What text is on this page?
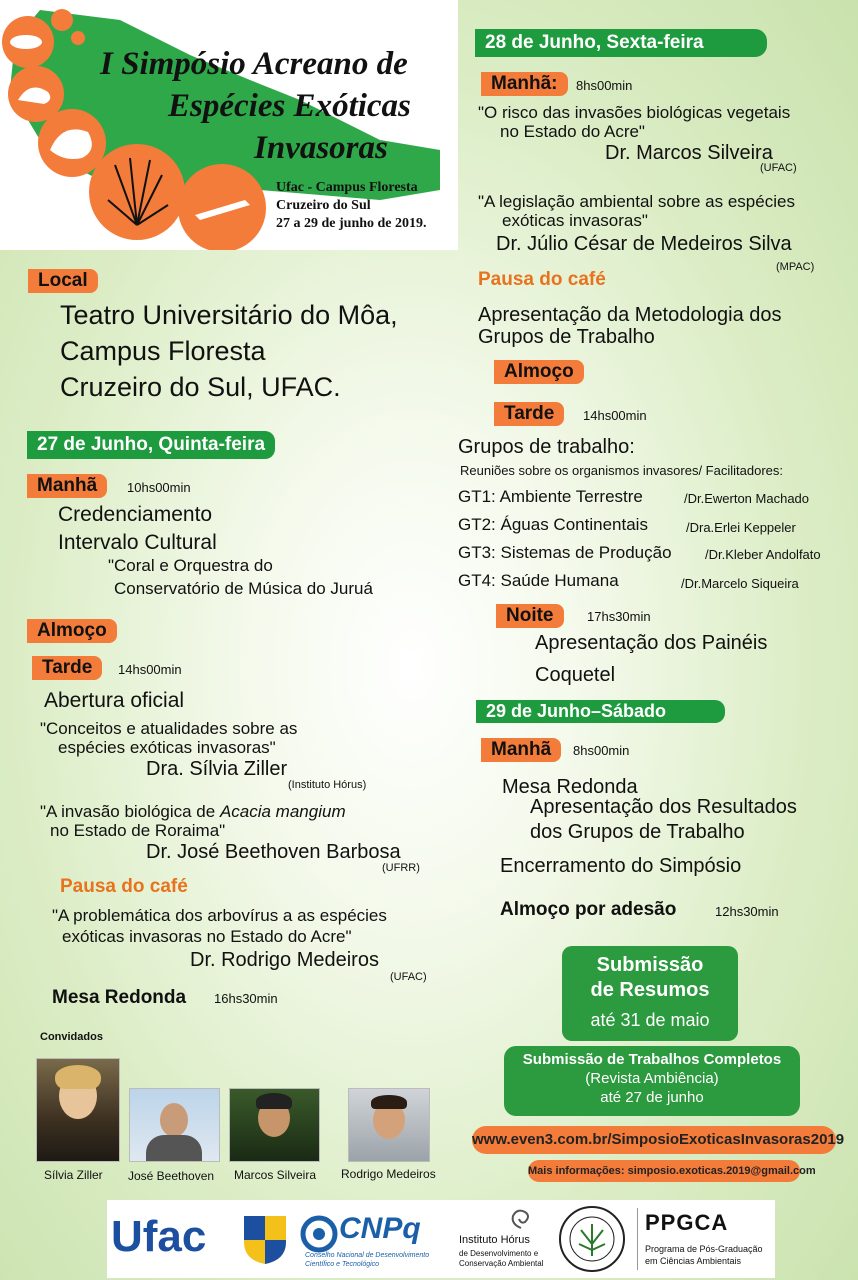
I Simpósio Acreano de
Espécies Exóticas
Invasoras
Ufac - Campus Floresta
Cruzeiro do Sul
27 a 29 de junho de 2019.
Local
Teatro Universitário do Môa,
Campus Floresta
Cruzeiro do Sul, UFAC.
27 de Junho, Quinta-feira
Manhã	10hs00min
Credenciamento
Intervalo Cultural
"Coral e Orquestra do
Conservatório de Música do Juruá
Almoço
Tarde	14hs00min
Abertura oficial
"Conceitos e atualidades sobre as
espécies exóticas invasoras"
Dra. Sílvia Ziller
(Instituto Hórus)
"A invasão biológica de Acacia mangium
no Estado de Roraima"
Dr. José Beethoven Barbosa
(UFRR)
Pausa do café
"A problemática dos arbovírus a as espécies
exóticas invasoras no Estado do Acre"
Dr. Rodrigo Medeiros
(UFAC)
Mesa Redonda 16hs30min
Convidados
Sílvia Ziller José Beethoven Marcos Silveira Rodrigo Medeiros
28 de Junho, Sexta-feira
Manhã:	8hs00min
"O risco das invasões biológicas vegetais
no Estado do Acre"
Dr. Marcos Silveira
(UFAC)
"A legislação ambiental sobre as espécies
exóticas invasoras"
Dr. Júlio César de Medeiros Silva
(MPAC)
Pausa do café
Apresentação da Metodologia dos
Grupos de Trabalho
Almoço
Tarde	14hs00min
Grupos de trabalho:
Reuniões sobre os organismos invasores/ Facilitadores:
GT1: Ambiente Terrestre	/Dr.Ewerton Machado
GT2: Águas Continentais	/Dra.Erlei Keppeler
GT3: Sistemas de Produção	/Dr.Kleber Andolfato
GT4: Saúde Humana	/Dr.Marcelo Siqueira
Noite	17hs30min
Apresentação dos Painéis
Coquetel
29 de Junho–Sábado
Manhã	8hs00min
Mesa Redonda
Apresentação dos Resultados
dos Grupos de Trabalho
Encerramento do Simpósio
Almoço por adesão	12hs30min
Submissão
de Resumos
até 31 de maio
Submissão de Trabalhos Completos
(Revista Ambiência)
até 27 de junho
www.even3.com.br/SimposioExoticasInvasoras2019
Mais informações: simposio.exoticas.2019@gmail.com
Ufac	CNPq
Conselho Nacional de Desenvolvimento
Científico e Tecnológico
Instituto Hórus
de Desenvolvimento e
Conservação Ambiental
PPGCA
Programa de Pós-Graduação
em Ciências Ambientais
